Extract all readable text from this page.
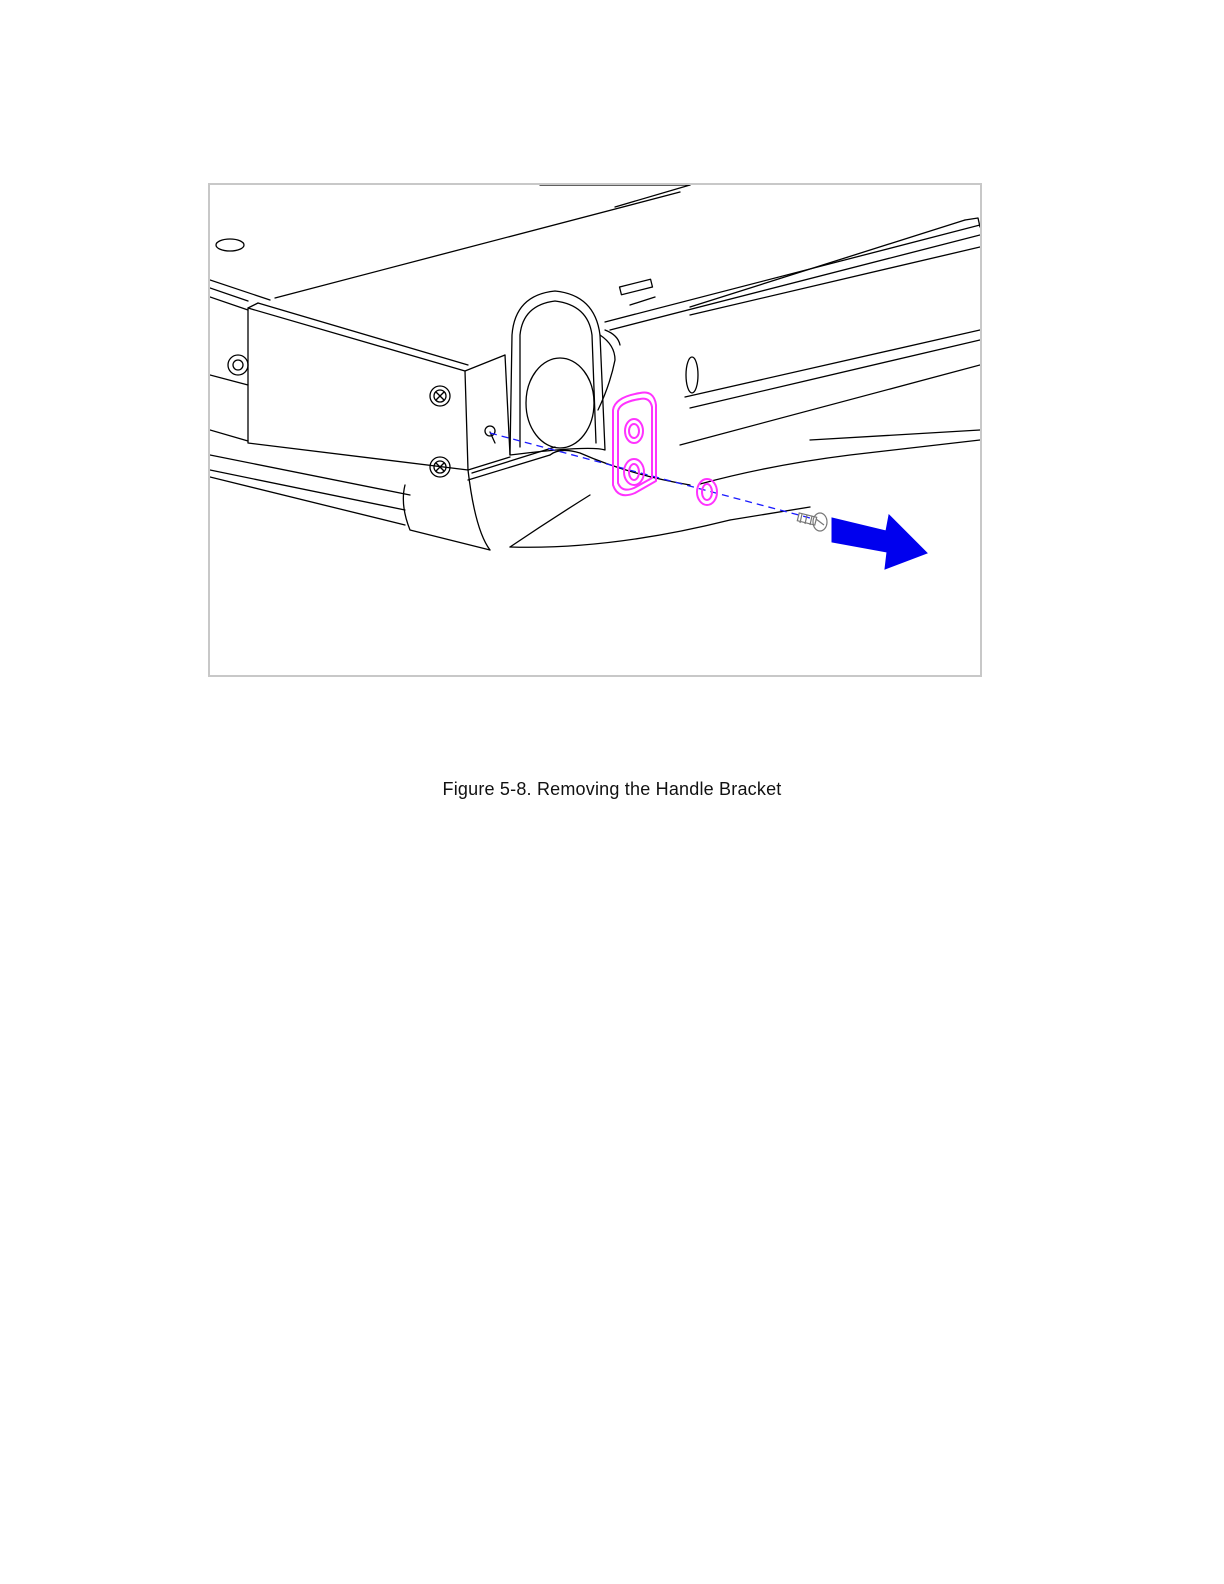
Figure 5-8. Removing the Handle Bracket
